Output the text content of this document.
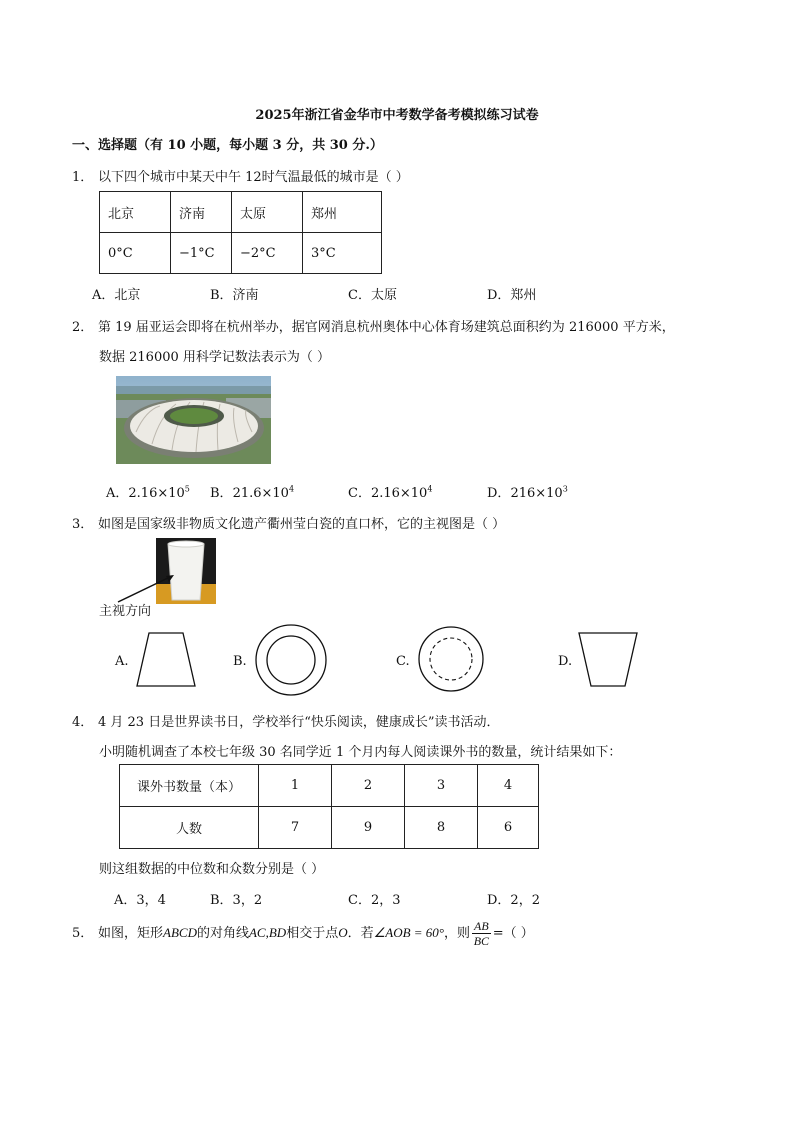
2025年浙江省金华市中考数学备考模拟练习试卷
一、选择题（有 10 小题，每小题 3 分，共 30 分.）
1． 以下四个城市中某天中午 12时气温最低的城市是（ ）
北京	济南	太原	郑州
0°C	−1°C	−2°C	3°C
A．北京	B．济南	C．太原	D．郑州
2． 第 19 届亚运会即将在杭州举办，据官网消息杭州奥体中心体育场建筑总面积约为 216000 平方米，
数据 216000 用科学记数法表示为（ ）
A．$2.16\times 10^5$ B．$21.6\times 10^4$	C．$2.16\times 10^4$	D．$216\times 10^3$
3． 如图是国家级非物质文化遗产衢州莹白瓷的直口杯，它的主视图是（ ）
主视方向
A.	B.	C.	D.
4． 4 月 23 日是世界读书日，学校举行“快乐阅读，健康成长”读书活动．
小明随机调查了本校七年级 30 名同学近 1 个月内每人阅读课外书的数量，统计结果如下：
课外书数量（本）	1	2	3	4
人数	7	9	8	6
则这组数据的中位数和众数分别是（ ）
A．3，4	B．3，2	C．2，3	D．2，2
5． 如图，矩形ABCD的对角线AC,BD相交于点O．若∠AOB = 60°，则 $\frac{AB}{BC}$ =（ ）
